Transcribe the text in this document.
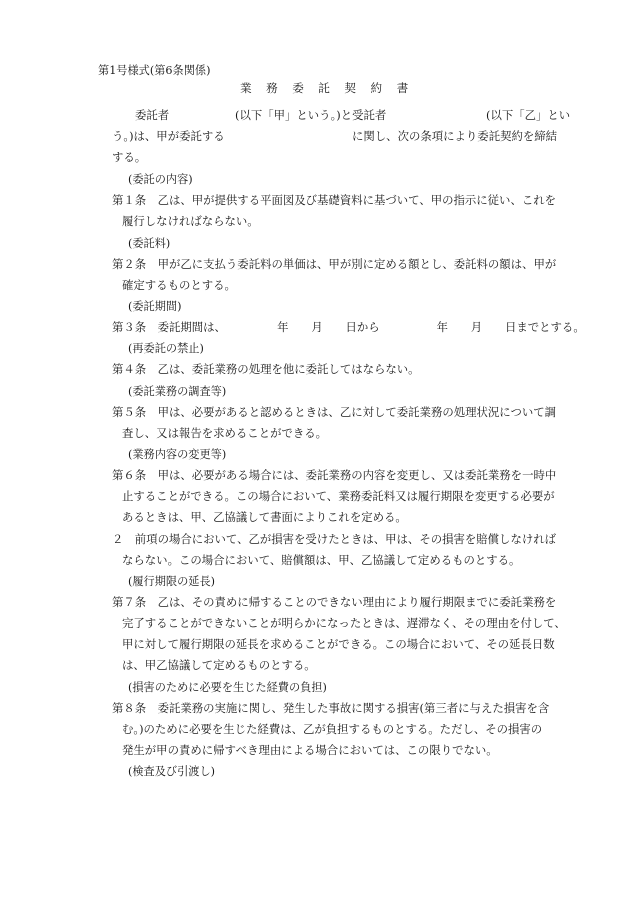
第1号様式(第6条関係)
業務委託契約書
委託者	(以下「甲」という。)と受託者	(以下「乙」とい
う。)は、甲が委託する	に関し、次の条項により委託契約を締結
する。
(委託の内容)
第１条　乙は、甲が提供する平面図及び基礎資料に基づいて、甲の指示に従い、これを
履行しなければならない。
(委託料)
第２条　甲が乙に支払う委託料の単価は、甲が別に定める額とし、委託料の額は、甲が
確定するものとする。
(委託期間)
第３条　委託期間は、　　　　　年　　月　　日から　　　　　年　　月　　日までとする。
(再委託の禁止)
第４条　乙は、委託業務の処理を他に委託してはならない。
(委託業務の調査等)
第５条　甲は、必要があると認めるときは、乙に対して委託業務の処理状況について調
査し、又は報告を求めることができる。
(業務内容の変更等)
第６条　甲は、必要がある場合には、委託業務の内容を変更し、又は委託業務を一時中
止することができる。この場合において、業務委託料又は履行期限を変更する必要が
あるときは、甲、乙協議して書面によりこれを定める。
２　前項の場合において、乙が損害を受けたときは、甲は、その損害を賠償しなければ
ならない。この場合において、賠償額は、甲、乙協議して定めるものとする。
(履行期限の延長)
第７条　乙は、その責めに帰することのできない理由により履行期限までに委託業務を
完了することができないことが明らかになったときは、遅滞なく、その理由を付して、
甲に対して履行期限の延長を求めることができる。この場合において、その延長日数
は、甲乙協議して定めるものとする。
(損害のために必要を生じた経費の負担)
第８条　委託業務の実施に関し、発生した事故に関する損害(第三者に与えた損害を含
む。)のために必要を生じた経費は、乙が負担するものとする。ただし、その損害の
発生が甲の責めに帰すべき理由による場合においては、この限りでない。
(検査及び引渡し)
